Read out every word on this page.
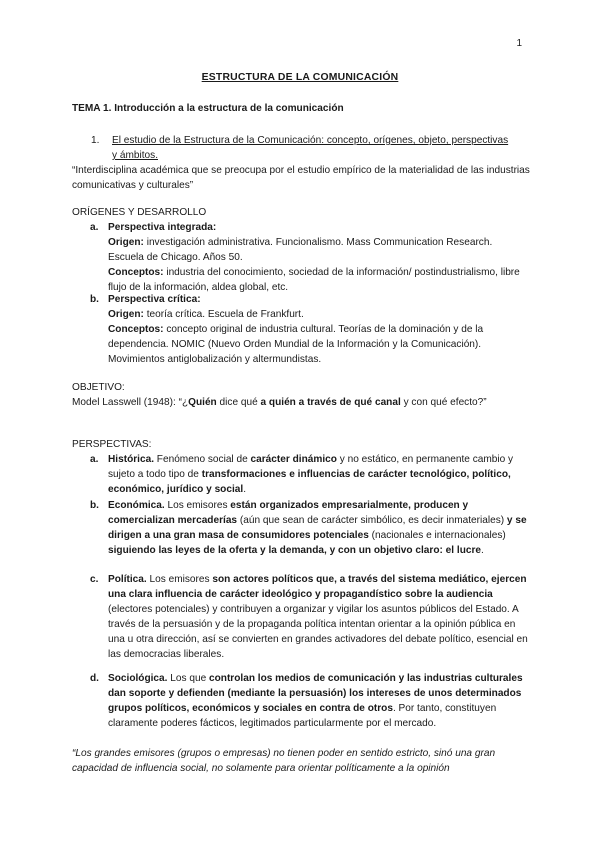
1
ESTRUCTURA DE LA COMUNICACIÓN
TEMA 1. Introducción a la estructura de la comunicación
1. El estudio de la Estructura de la Comunicación: concepto, orígenes, objeto, perspectivas y ámbitos.
“Interdisciplina académica que se preocupa por el estudio empírico de la materialidad de las industrias comunicativas y culturales”
ORÍGENES Y DESARROLLO
a. Perspectiva integrada:
Origen: investigación administrativa. Funcionalismo. Mass Communication Research. Escuela de Chicago. Años 50.
Conceptos: industria del conocimiento, sociedad de la información/ postindustrialismo, libre flujo de la información, aldea global, etc.
b. Perspectiva crítica:
Origen: teoría crítica. Escuela de Frankfurt.
Conceptos: concepto original de industria cultural. Teorías de la dominación y de la dependencia. NOMIC (Nuevo Orden Mundial de la Información y la Comunicación). Movimientos antiglobalización y altermundistas.
OBJETIVO:
Model Lasswell (1948): “¿Quién dice qué a quién a través de qué canal y con qué efecto?”
PERSPECTIVAS:
a. Histórica. Fenómeno social de carácter dinámico y no estático, en permanente cambio y sujeto a todo tipo de transformaciones e influencias de carácter tecnológico, político, económico, jurídico y social.
b. Económica. Los emisores están organizados empresarialmente, producen y comercializan mercaderías (aún que sean de carácter simbólico, es decir inmateriales) y se dirigen a una gran masa de consumidores potenciales (nacionales e internacionales) siguiendo las leyes de la oferta y la demanda, y con un objetivo claro: el lucre.
c. Política. Los emisores son actores políticos que, a través del sistema mediático, ejercen una clara influencia de carácter ideológico y propagandístico sobre la audiencia (electores potenciales) y contribuyen a organizar y vigilar los asuntos públicos del Estado. A través de la persuasión y de la propaganda política intentan orientar a la opinión pública en una u otra dirección, así se convierten en grandes activadores del debate político, esencial en las democracias liberales.
d. Sociológica. Los que controlan los medios de comunicación y las industrias culturales dan soporte y defienden (mediante la persuasión) los intereses de unos determinados grupos políticos, económicos y sociales en contra de otros. Por tanto, constituyen claramente poderes fácticos, legitimados particularmente por el mercado.
“Los grandes emisores (grupos o empresas) no tienen poder en sentido estricto, sinó una gran capacidad de influencia social, no solamente para orientar políticamente a la opinión
